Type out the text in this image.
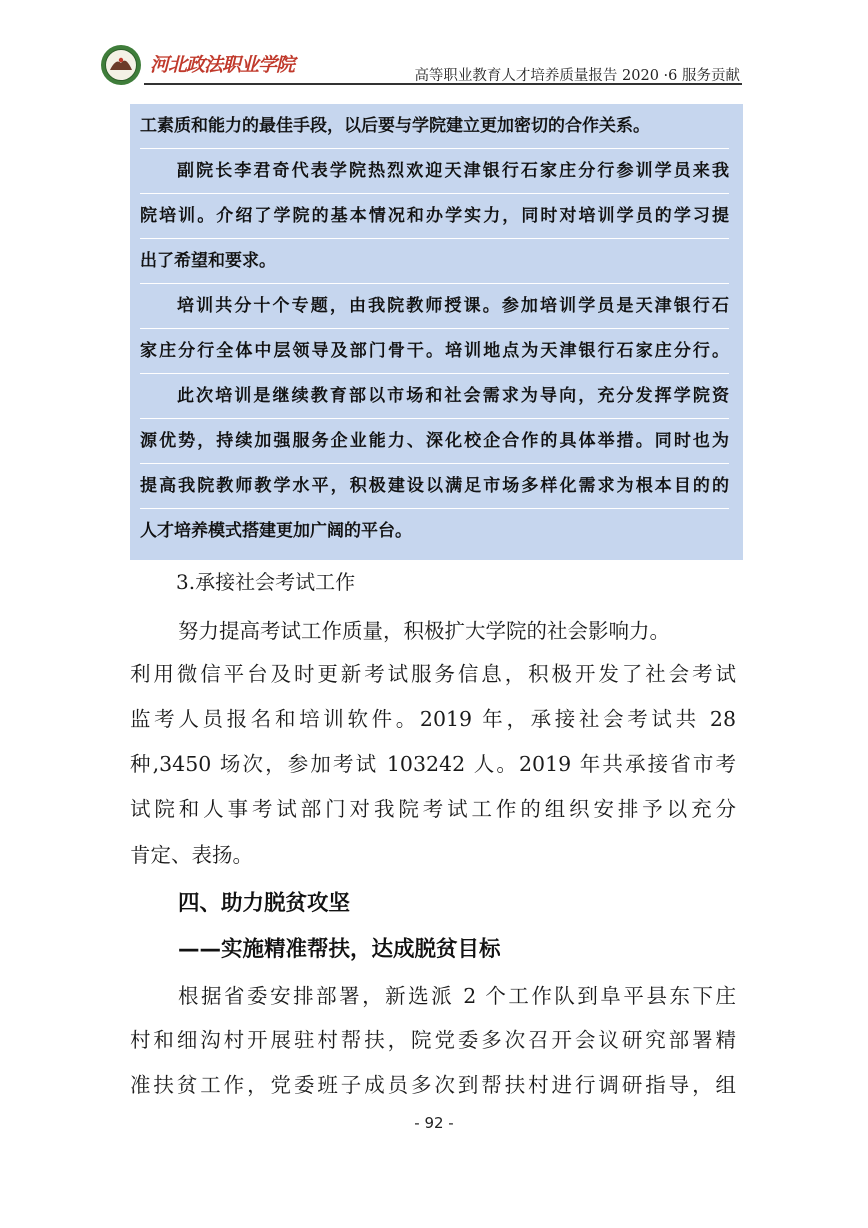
河北政法职业学院	高等职业教育人才培养质量报告 2020 ·6 服务贡献
工素质和能力的最佳手段，以后要与学院建立更加密切的合作关系。
副院长李君奇代表学院热烈欢迎天津银行石家庄分行参训学员来我
院培训。介绍了学院的基本情况和办学实力，同时对培训学员的学习提
出了希望和要求。
培训共分十个专题，由我院教师授课。参加培训学员是天津银行石
家庄分行全体中层领导及部门骨干。培训地点为天津银行石家庄分行。
此次培训是继续教育部以市场和社会需求为导向，充分发挥学院资
源优势，持续加强服务企业能力、深化校企合作的具体举措。同时也为
提高我院教师教学水平，积极建设以满足市场多样化需求为根本目的的
人才培养模式搭建更加广阔的平台。
3.承接社会考试工作
努力提高考试工作质量，积极扩大学院的社会影响力。
利用微信平台及时更新考试服务信息，积极开发了社会考试
监考人员报名和培训软件。2019 年，承接社会考试共 28
种,3450 场次，参加考试 103242 人。2019 年共承接省市考
试院和人事考试部门对我院考试工作的组织安排予以充分
肯定、表扬。
四、助力脱贫攻坚
——实施精准帮扶，达成脱贫目标
根据省委安排部署，新选派 2 个工作队到阜平县东下庄
村和细沟村开展驻村帮扶，院党委多次召开会议研究部署精
准扶贫工作，党委班子成员多次到帮扶村进行调研指导，组
- 92 -
